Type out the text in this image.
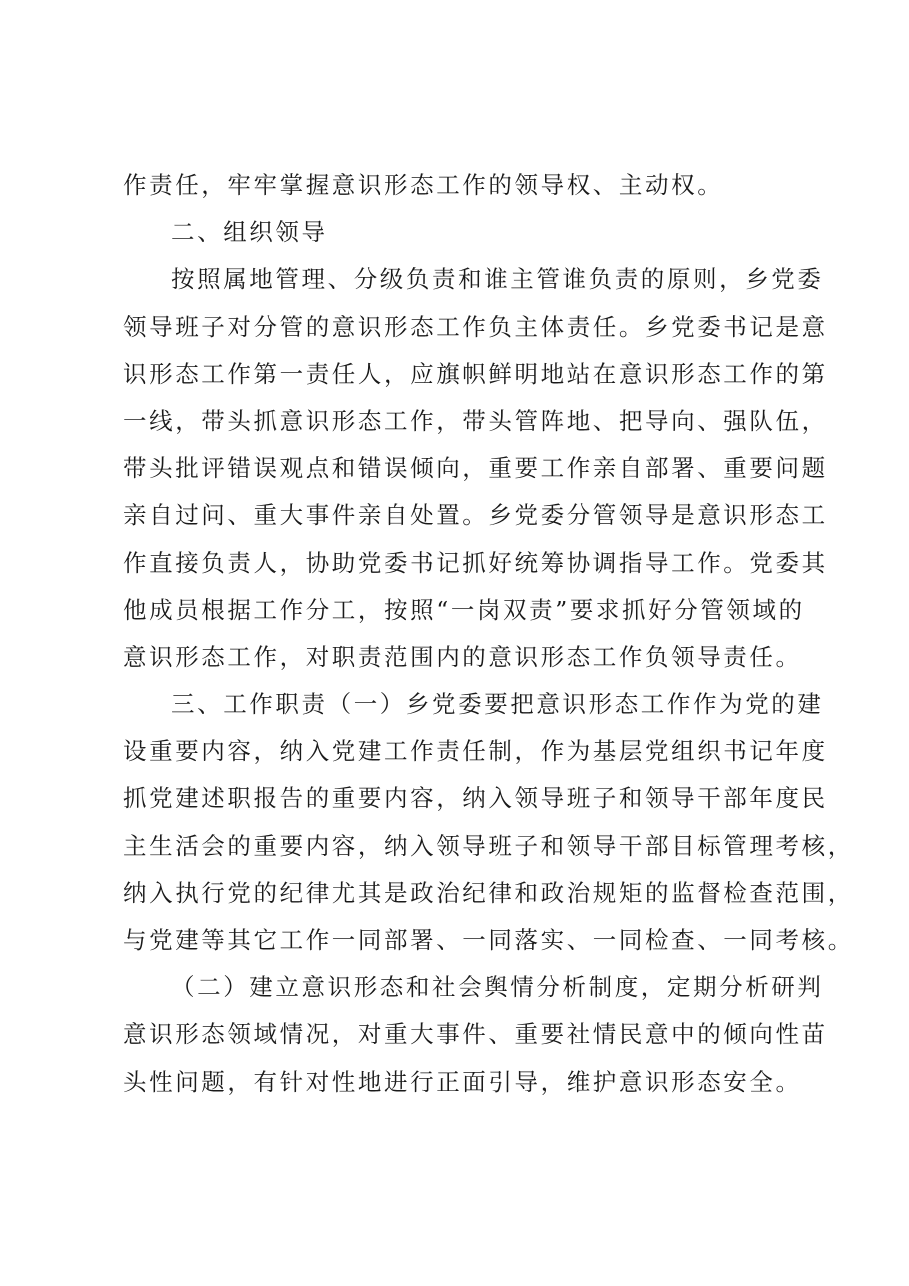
作责任，牢牢掌握意识形态工作的领导权、主动权。
二、组织领导
按照属地管理、分级负责和谁主管谁负责的原则，乡党委
领导班子对分管的意识形态工作负主体责任。乡党委书记是意
识形态工作第一责任人，应旗帜鲜明地站在意识形态工作的第
一线，带头抓意识形态工作，带头管阵地、把导向、强队伍，
带头批评错误观点和错误倾向，重要工作亲自部署、重要问题
亲自过问、重大事件亲自处置。乡党委分管领导是意识形态工
作直接负责人，协助党委书记抓好统筹协调指导工作。党委其
他成员根据工作分工，按照“一岗双责”要求抓好分管领域的
意识形态工作，对职责范围内的意识形态工作负领导责任。
三、工作职责（一）乡党委要把意识形态工作作为党的建
设重要内容，纳入党建工作责任制，作为基层党组织书记年度
抓党建述职报告的重要内容，纳入领导班子和领导干部年度民
主生活会的重要内容，纳入领导班子和领导干部目标管理考核，
纳入执行党的纪律尤其是政治纪律和政治规矩的监督检查范围，
与党建等其它工作一同部署、一同落实、一同检查、一同考核。
（二）建立意识形态和社会舆情分析制度，定期分析研判
意识形态领域情况，对重大事件、重要社情民意中的倾向性苗
头性问题，有针对性地进行正面引导，维护意识形态安全。
